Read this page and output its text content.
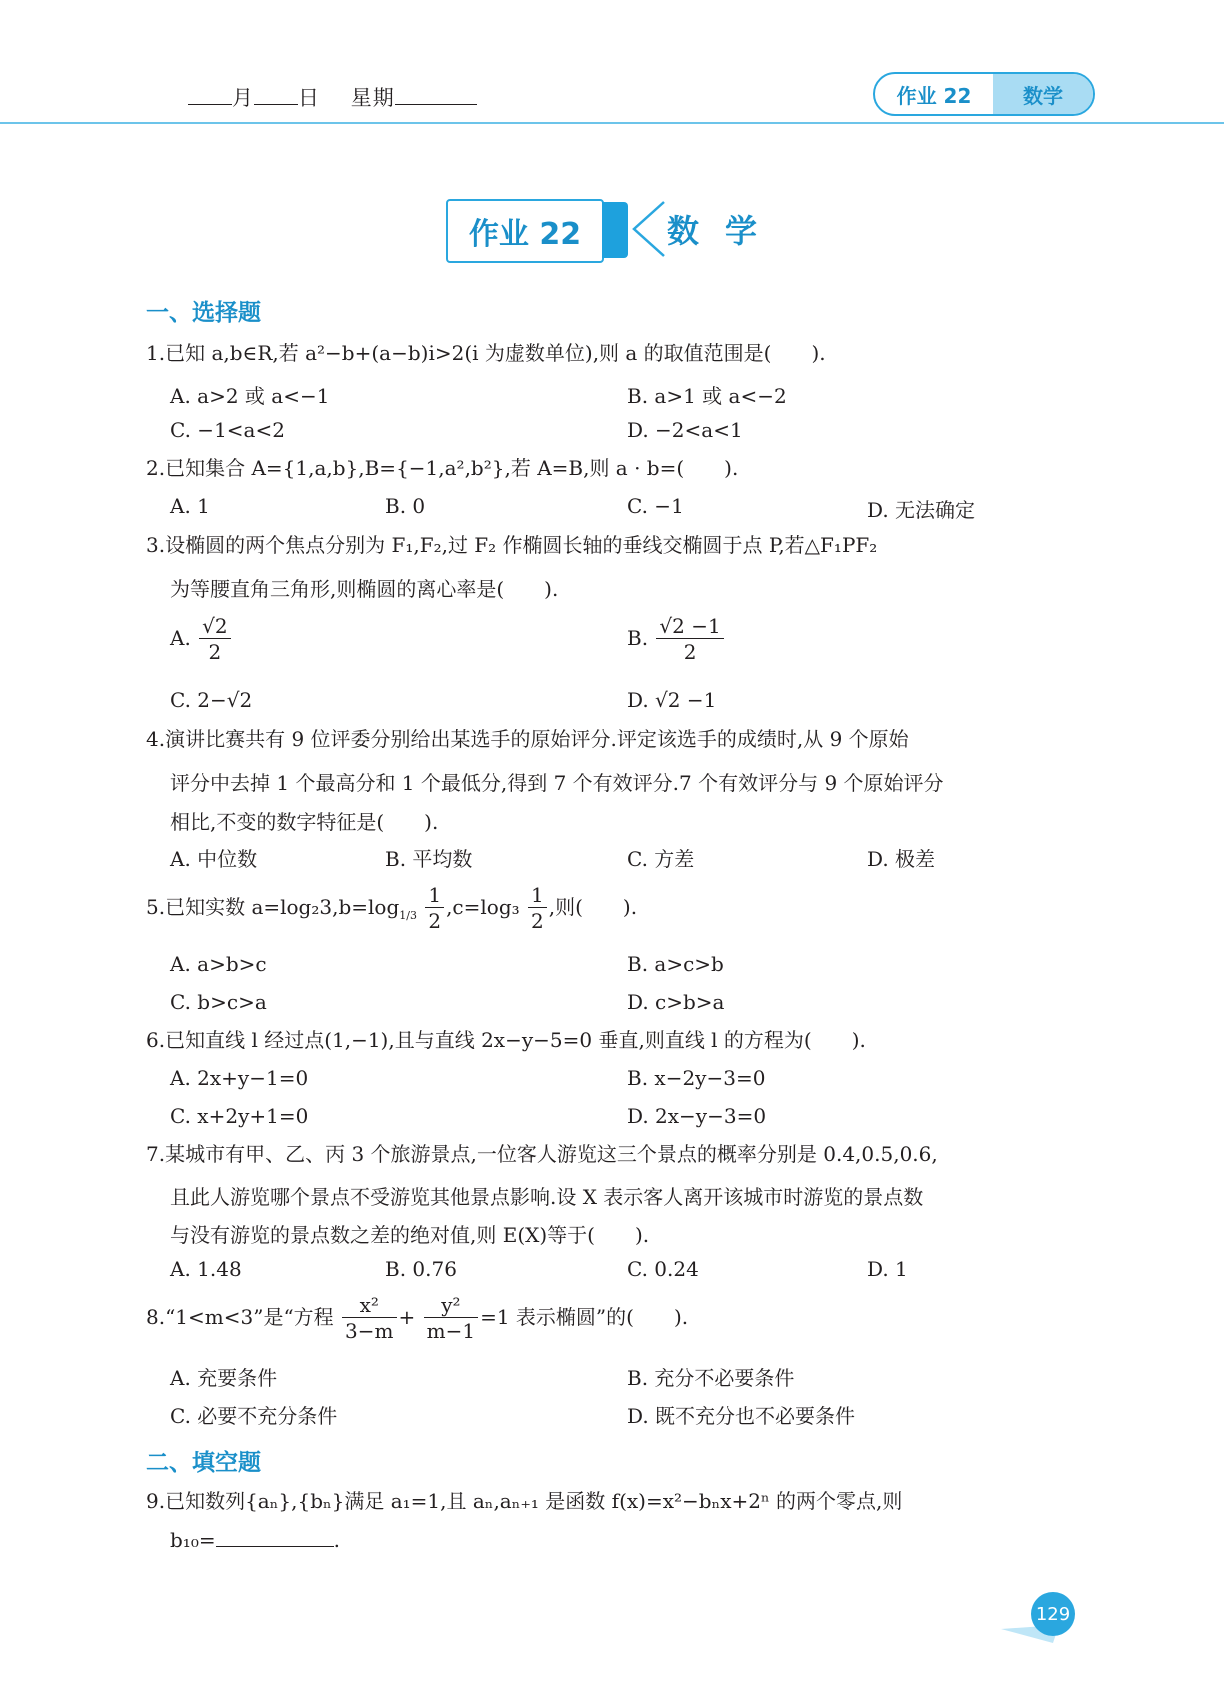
月 日 星期	作业 22	数学
作业 22	数学
一、选择题
1.已知 a,b∈R,若 a²−b+(a−b)i>2(i 为虚数单位),则 a 的取值范围是(　　).
A. a>2 或 a<−1	B. a>1 或 a<−2
C. −1<a<2	D. −2<a<1
2.已知集合 A={1,a,b},B={−1,a²,b²},若 A=B,则 a · b=(　　).
A. 1	B. 0	C. −1	D. 无法确定
3.设椭圆的两个焦点分别为 F₁,F₂,过 F₂ 作椭圆长轴的垂线交椭圆于点 P,若△F₁PF₂
为等腰直角三角形,则椭圆的离心率是(　　).
A. $\frac{√2}{2}$	B. $\frac{√2 -1}{2}$
C. 2−√2	D. √2 −1
4.演讲比赛共有 9 位评委分别给出某选手的原始评分.评定该选手的成绩时,从 9 个原始
评分中去掉 1 个最高分和 1 个最低分,得到 7 个有效评分.7 个有效评分与 9 个原始评分
相比,不变的数字特征是(　　).
A. 中位数	B. 平均数	C. 方差	D. 极差
5.已知实数 $a=\log_23,b=\log_{1/3} \frac{1}{2} ,c=\log_3 \frac{1}{2}$ ,则(　　).
A. a>b>c	B. a>c>b
C. b>c>a	D. c>b>a
6.已知直线 l 经过点(1,−1),且与直线 2x−y−5=0 垂直,则直线 l 的方程为(　　).
A. 2x+y−1=0	B. x−2y−3=0
C. x+2y+1=0	D. 2x−y−3=0
7.某城市有甲、乙、丙 3 个旅游景点,一位客人游览这三个景点的概率分别是 0.4,0.5,0.6,
且此人游览哪个景点不受游览其他景点影响.设 X 表示客人离开该城市时游览的景点数
与没有游览的景点数之差的绝对值,则 E(X)等于(　　).
A. 1.48	B. 0.76	C. 0.24	D. 1
8.“1<m<3”是“方程 $\frac{\text{x²}}{3-m} + \frac{\text{y²}}{m-1} =1$ 表示椭圆”的(　　).
A. 充要条件	B. 充分不必要条件
C. 必要不充分条件	D. 既不充分也不必要条件
二、填空题
9.已知数列{aₙ},{bₙ}满足 a₁=1,且 aₙ,aₙ₊₁ 是函数 f(x)=x²−bₙx+2ⁿ 的两个零点,则
b₁₀=	.
129
